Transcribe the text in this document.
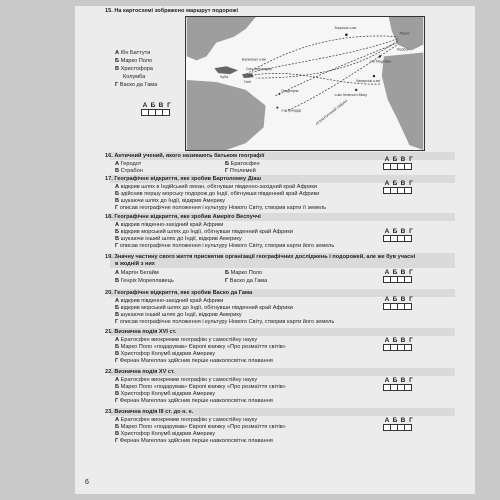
15. На картосхемі зображено маршрут подорожі
Азорські о-ви
Лісабон
Палос
о-в Мадейра
Канарські о-ви
Багамські о-ви
Куба
Сан-Сальвадор
Гаїті
Гваделупа
о-ви Зеленого Мису
о-в Трінідад	АТЛАНТИЧНИЙ ОКЕАН
А Ібн Баттути
Б Марко Поло
В Христофора
Колумба
Г Васко да Гама
А Б В Г
16. Античний учений, якого називають батьком географії
А Геродот	Б Ератосфен
В Страбон	Г Птолемей
А Б В Г
17. Географічне відкриття, яке зробив Бартоломеу Діаш
А відкрив шлях в Індійський океан, обігнувши південно-західний край Африки
Б здійснив першу морську подорож до Індії, обігнувши південний край Африки
В шукаючи шлях до Індії, відкрив Америку
Г описав географічне положення і культуру Нового Світу, створив карти її земель
А Б В Г
18. Географічне відкриття, яке зробив Амеріго Веспуччі
А відкрив південно-західний край Африки
Б відкрив морський шлях до Індії, обігнувши південний край Африки
В шукаючи інший шлях до Індії, відкрив Америку
Г описав географічне положення і культуру Нового Світу, створив карти його земель
А Б В Г
19. Значну частину свого життя присвятив організації географічних досліджень і подорожей, але же був учасні
в жодній з них
А Мартін Бегайм	Б Марко Поло
В Генріх Мореплавець	Г Васко да Гама
А Б В Г
20. Географічне відкриття, яке зробив Васко да Гама
А відкрив південно-західний край Африки
Б відкрив морський шлях до Індії, обігнувши південний край Африки
В шукаючи інший шлях до Індії, відкрив Америку
Г описав географічне положення і культуру Нового Світу, створив карти його земель
А Б В Г
21. Визначна подія XVI ст.
А Ератосфен виокремив географію у самостійну науку
Б Марко Поло «подарував» Європі книжку «Про розмаїття світів»
В Христофор Колумб відкрив Америку
Г Фернан Магеллан здійснив перше навколосвітнє плавання
А Б В Г
22. Визначна подія XV ст.
А Ератосфен виокремив географію у самостійну науку
Б Марко Поло «подарував» Європі книжку «Про розмаїття світів»
В Христофор Колумб відкрив Америку
Г Фернан Магеллан здійснив перше навколосвітнє плавання
А Б В Г
23. Визначна подія III ст. до н. е.
А Ератосфен виокремив географію у самостійну науку
Б Марко Поло «подарував» Європі книжку «Про розмаїття світів»
В Христофор Колумб відкрив Америку
Г Фернан Магеллан здійснив перше навколосвітнє плавання
А Б В Г
6
